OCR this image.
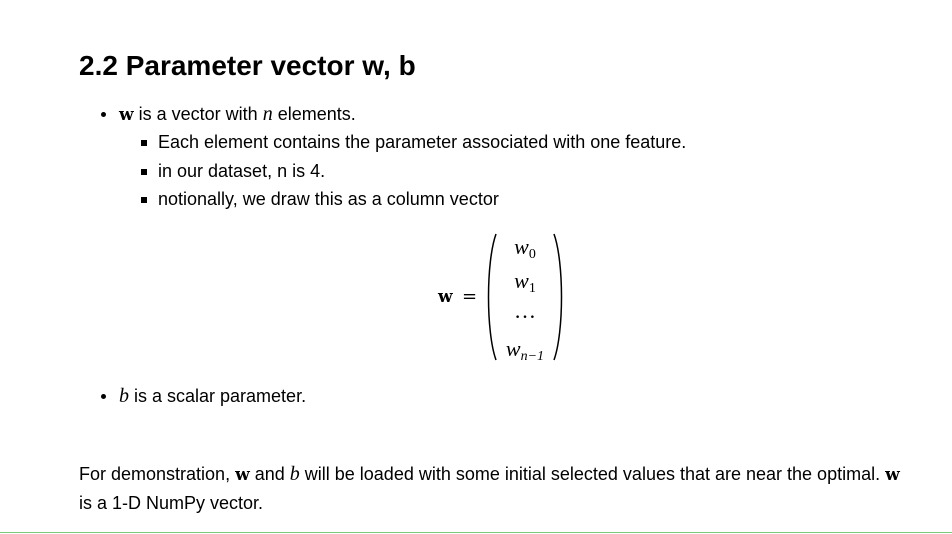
2.2 Parameter vector w, b
w is a vector with n elements.
Each element contains the parameter associated with one feature.
in our dataset, n is 4.
notionally, we draw this as a column vector
w =
$w_0$
$w_1$
…
$w_{n-1}$
b is a scalar parameter.

For demonstration, w and b will be loaded with some initial selected values that are near the optimal. w is a 1-D NumPy vector.
